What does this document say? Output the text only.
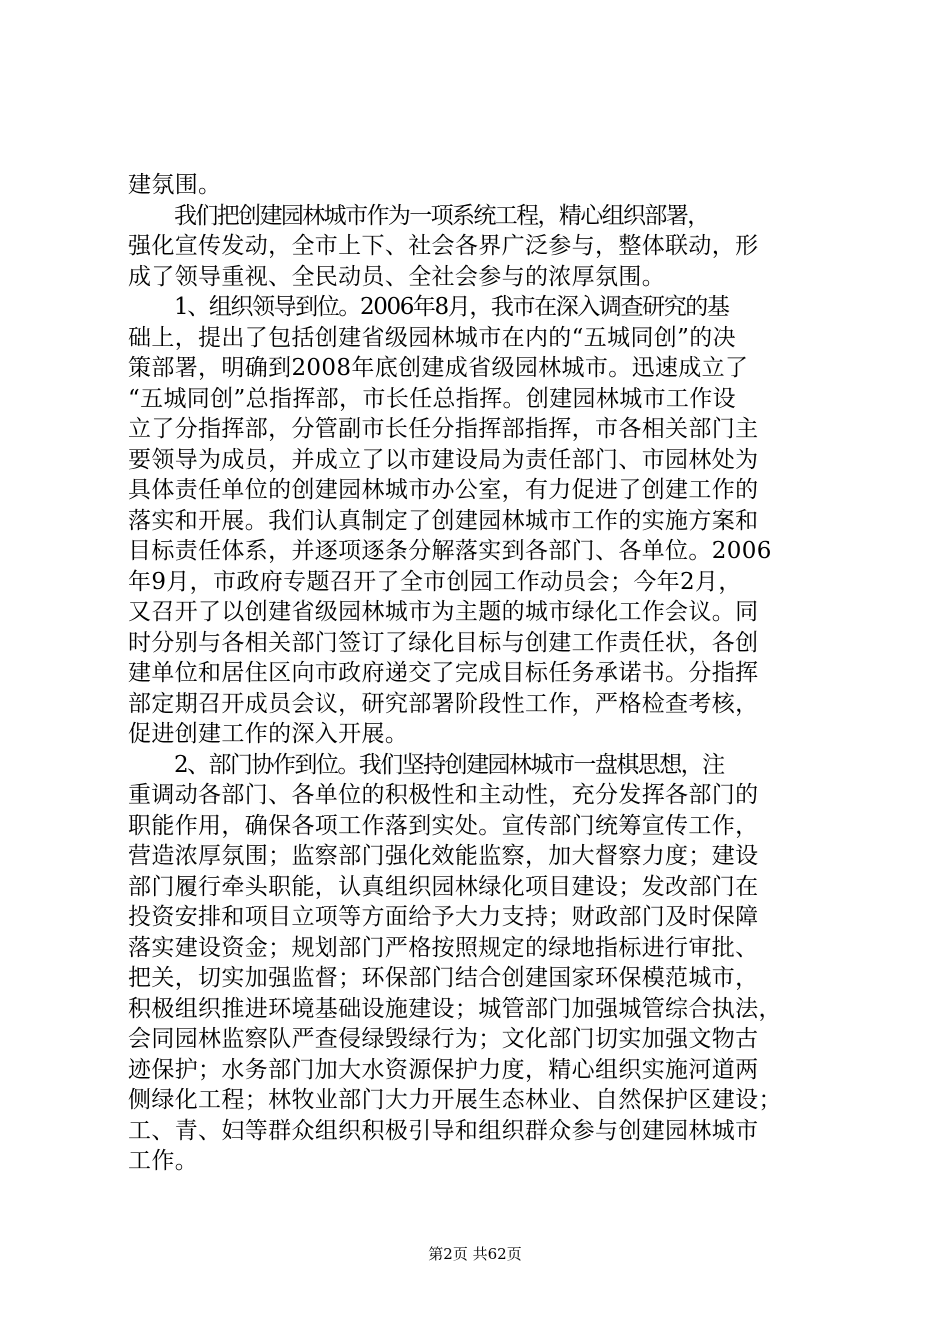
建氛围。
我们把创建园林城市作为一项系统工程，精心组织部署，
强化宣传发动，全市上下、社会各界广泛参与，整体联动，形
成了领导重视、全民动员、全社会参与的浓厚氛围。
1、组织领导到位。2006年8月，我市在深入调查研究的基
础上，提出了包括创建省级园林城市在内的“五城同创”的决
策部署，明确到2008年底创建成省级园林城市。迅速成立了
“五城同创”总指挥部，市长任总指挥。创建园林城市工作设
立了分指挥部，分管副市长任分指挥部指挥，市各相关部门主
要领导为成员，并成立了以市建设局为责任部门、市园林处为
具体责任单位的创建园林城市办公室，有力促进了创建工作的
落实和开展。我们认真制定了创建园林城市工作的实施方案和
目标责任体系，并逐项逐条分解落实到各部门、各单位。2006
年9月，市政府专题召开了全市创园工作动员会；今年2月，
又召开了以创建省级园林城市为主题的城市绿化工作会议。同
时分别与各相关部门签订了绿化目标与创建工作责任状，各创
建单位和居住区向市政府递交了完成目标任务承诺书。分指挥
部定期召开成员会议，研究部署阶段性工作，严格检查考核，
促进创建工作的深入开展。
2、部门协作到位。我们坚持创建园林城市一盘棋思想，注
重调动各部门、各单位的积极性和主动性，充分发挥各部门的
职能作用，确保各项工作落到实处。宣传部门统筹宣传工作，
营造浓厚氛围；监察部门强化效能监察，加大督察力度；建设
部门履行牵头职能，认真组织园林绿化项目建设；发改部门在
投资安排和项目立项等方面给予大力支持；财政部门及时保障
落实建设资金；规划部门严格按照规定的绿地指标进行审批、
把关，切实加强监督；环保部门结合创建国家环保模范城市，
积极组织推进环境基础设施建设；城管部门加强城管综合执法，
会同园林监察队严查侵绿毁绿行为；文化部门切实加强文物古
迹保护；水务部门加大水资源保护力度，精心组织实施河道两
侧绿化工程；林牧业部门大力开展生态林业、自然保护区建设；
工、青、妇等群众组织积极引导和组织群众参与创建园林城市
工作。
第2页 共62页
